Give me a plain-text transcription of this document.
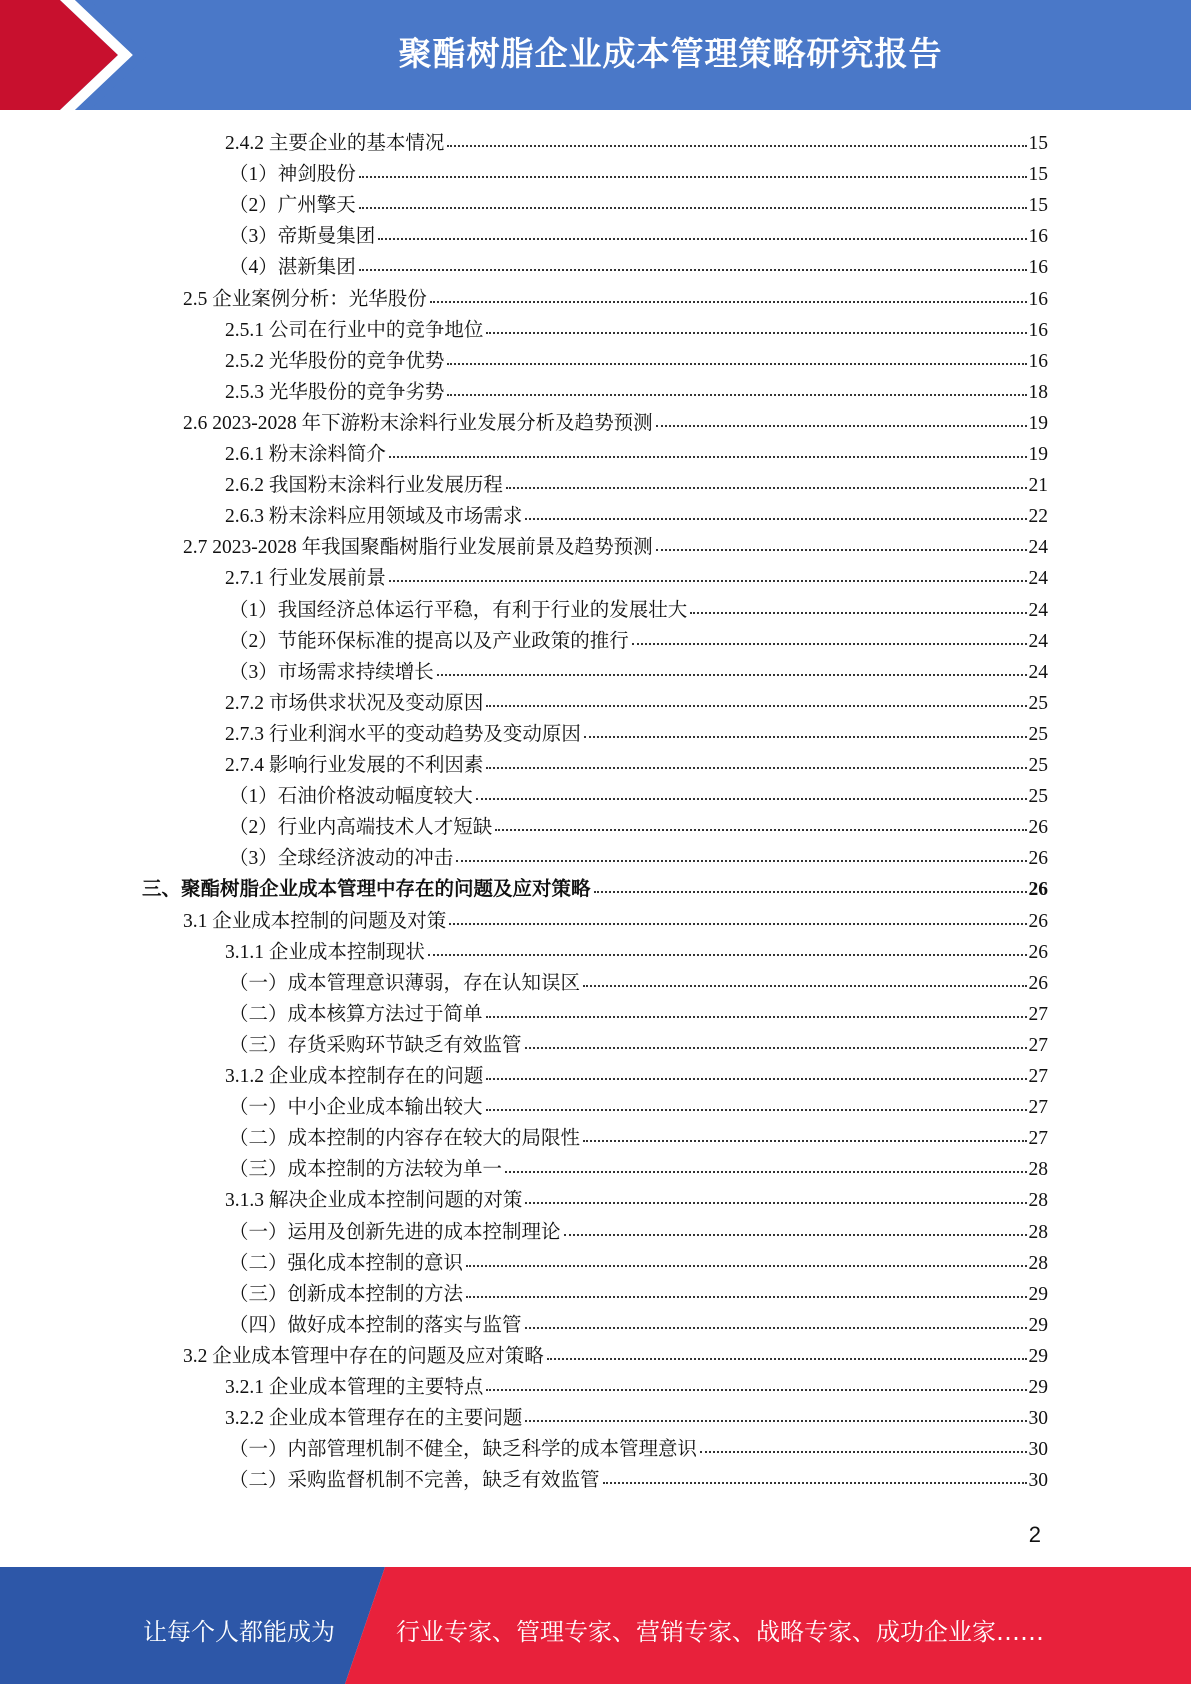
聚酯树脂企业成本管理策略研究报告
2.4.2 主要企业的基本情况	15
（1）神剑股份	15
（2）广州擎天	15
（3）帝斯曼集团	16
（4）湛新集团	16
2.5 企业案例分析：光华股份	16
2.5.1 公司在行业中的竞争地位	16
2.5.2 光华股份的竞争优势	16
2.5.3 光华股份的竞争劣势	18
2.6 2023-2028 年下游粉末涂料行业发展分析及趋势预测	19
2.6.1 粉末涂料简介	19
2.6.2 我国粉末涂料行业发展历程	21
2.6.3 粉末涂料应用领域及市场需求	22
2.7 2023-2028 年我国聚酯树脂行业发展前景及趋势预测	24
2.7.1 行业发展前景	24
（1）我国经济总体运行平稳，有利于行业的发展壮大	24
（2）节能环保标准的提高以及产业政策的推行	24
（3）市场需求持续增长	24
2.7.2 市场供求状况及变动原因	25
2.7.3 行业利润水平的变动趋势及变动原因	25
2.7.4 影响行业发展的不利因素	25
（1）石油价格波动幅度较大	25
（2）行业内高端技术人才短缺	26
（3）全球经济波动的冲击	26
三、聚酯树脂企业成本管理中存在的问题及应对策略	26
3.1 企业成本控制的问题及对策	26
3.1.1 企业成本控制现状	26
（一）成本管理意识薄弱，存在认知误区	26
（二）成本核算方法过于简单	27
（三）存货采购环节缺乏有效监管	27
3.1.2 企业成本控制存在的问题	27
（一）中小企业成本输出较大	27
（二）成本控制的内容存在较大的局限性	27
（三）成本控制的方法较为单一	28
3.1.3 解决企业成本控制问题的对策	28
（一）运用及创新先进的成本控制理论	28
（二）强化成本控制的意识	28
（三）创新成本控制的方法	29
（四）做好成本控制的落实与监管	29
3.2 企业成本管理中存在的问题及应对策略	29
3.2.1 企业成本管理的主要特点	29
3.2.2 企业成本管理存在的主要问题	30
（一）内部管理机制不健全，缺乏科学的成本管理意识	30
（二）采购监督机制不完善，缺乏有效监管	30
2
让每个人都能成为	行业专家、管理专家、营销专家、战略专家、成功企业家……
